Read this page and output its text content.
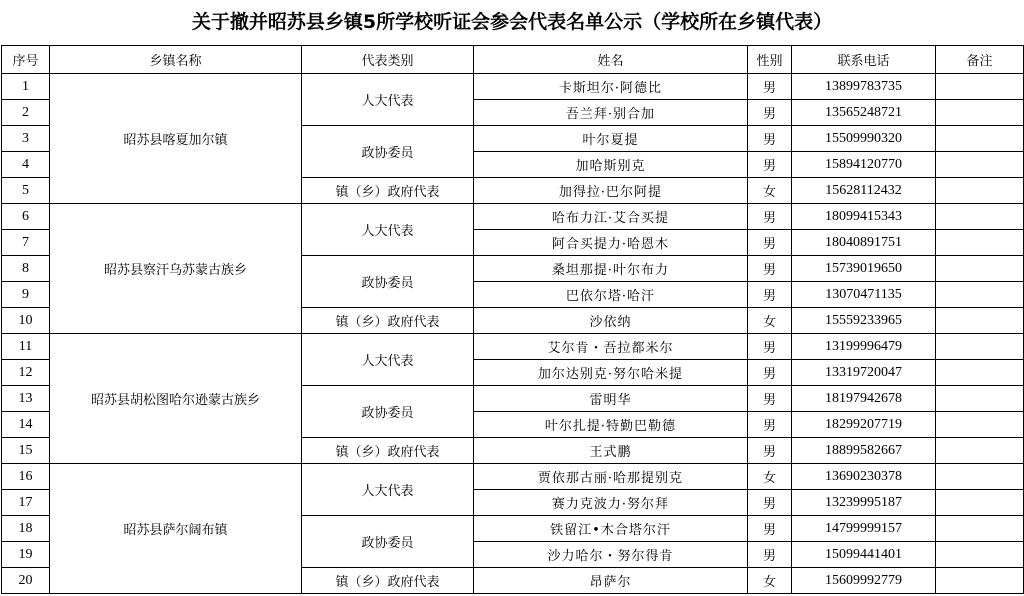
关于撤并昭苏县乡镇5所学校听证会参会代表名单公示（学校所在乡镇代表）
序号	乡镇名称	代表类别	姓名	性别	联系电话	备注
1	昭苏县喀夏加尔镇	人大代表	卡斯坦尔·阿德比	男	13899783735	
2			吾兰拜·别合加	男	13565248721	
3		政协委员	叶尔夏提	男	15509990320	
4			加哈斯别克	男	15894120770	
5		镇（乡）政府代表	加得拉·巴尔阿提	女	15628112432	
6	昭苏县察汗乌苏蒙古族乡	人大代表	哈布力江·艾合买提	男	18099415343	
7			阿合买提力·哈恩木	男	18040891751	
8		政协委员	桑坦那提·叶尔布力	男	15739019650	
9			巴依尔塔·哈汗	男	13070471135	
10		镇（乡）政府代表	沙依纳	女	15559233965	
11	昭苏县胡松图哈尔逊蒙古族乡	人大代表	艾尔肯・吾拉都米尔	男	13199996479	
12			加尔达别克·努尔哈米提	男	13319720047	
13		政协委员	雷明华	男	18197942678	
14			叶尔扎提·特勤巴勒德	男	18299207719	
15		镇（乡）政府代表	王式鹏	男	18899582667	
16	昭苏县萨尔阔布镇	人大代表	贾依那古丽·哈那提别克	女	13690230378	
17			赛力克波力·努尔拜	男	13239995187	
18		政协委员	铁留江•木合塔尔汗	男	14799999157	
19			沙力哈尔・努尔得肯	男	15099441401	
20		镇（乡）政府代表	昂萨尔	女	15609992779	
